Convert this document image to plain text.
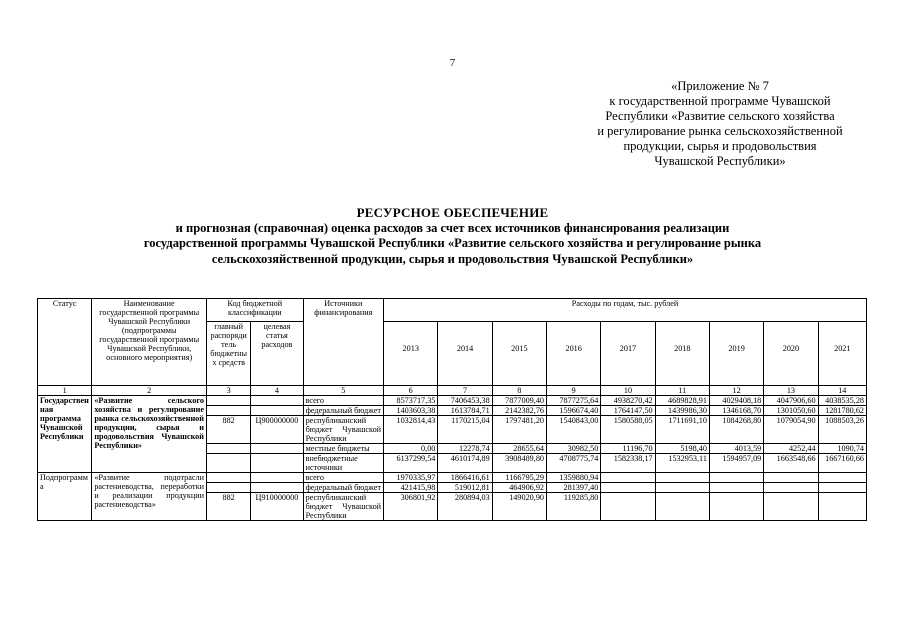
7
«Приложение № 7
к государственной программе Чувашской
Республики «Развитие сельского хозяйства
и регулирование рынка сельскохозяйственной
продукции, сырья и продовольствия
Чувашской Республики»
РЕСУРСНОЕ ОБЕСПЕЧЕНИЕ
и прогнозная (справочная) оценка расходов за счет всех источников финансирования реализации
государственной программы Чувашской Республики «Развитие сельского хозяйства и регулирование рынка
сельскохозяйственной продукции, сырья и продовольствия Чувашской Республики»
Статус	Наименование государственной программы Чувашской Республики (подпрограммы государственной программы Чувашской Республики, основного мероприятия)	Код бюджетной классификации		Источники финансирования	Расходы по годам, тыс. рублей								
		главный распорядитель бюджетных средств	целевая статья расходов		2013	2014	2015	2016	2017	2018	2019	2020	2021
1	2	3	4	5	6	7	8	9	10	11	12	13	14
Государственная программа Чувашской Республики	«Развитие сельского хозяйства и регулирование рынка сельскохозяйственной продукции, сырья и продовольствия Чувашской Республики»			всего	8573717,35	7406453,38	7877009,40	7877275,64	4938270,42	4689828,91	4029408,18	4047906,60	4038535,28
				федеральный бюджет	1403603,38	1613784,71	2142382,76	1596674,40	1764147,50	1439986,30	1346168,70	1301050,60	1281780,62
		882	Ц900000000	республиканский бюджет Чувашской Республики	1032814,43	1170215,04	1797481,20	1540843,00	1580588,05	1711691,10	1084268,80	1079054,90	1088503,26
				местные бюджеты	0,00	12278,74	28655,64	30982,50	11196,70	5198,40	4013,59	4252,44	1090,74
				внебюджетные источники	6137299,54	4610174,89	3908489,80	4708775,74	1582338,17	1532953,11	1594957,09	1663548,66	1667160,66
Подпрограмма	«Развитие подотрасли растениеводства, переработки и реализации продукции растениеводства»			всего	1970335,97	1866416,61	1166795,29	1359880,94					
				федеральный бюджет	421415,98	519012,81	464906,92	281397,40					
		882	Ц910000000	республиканский бюджет Чувашской Республики	306801,92	280894,03	149020,90	119285,80					
